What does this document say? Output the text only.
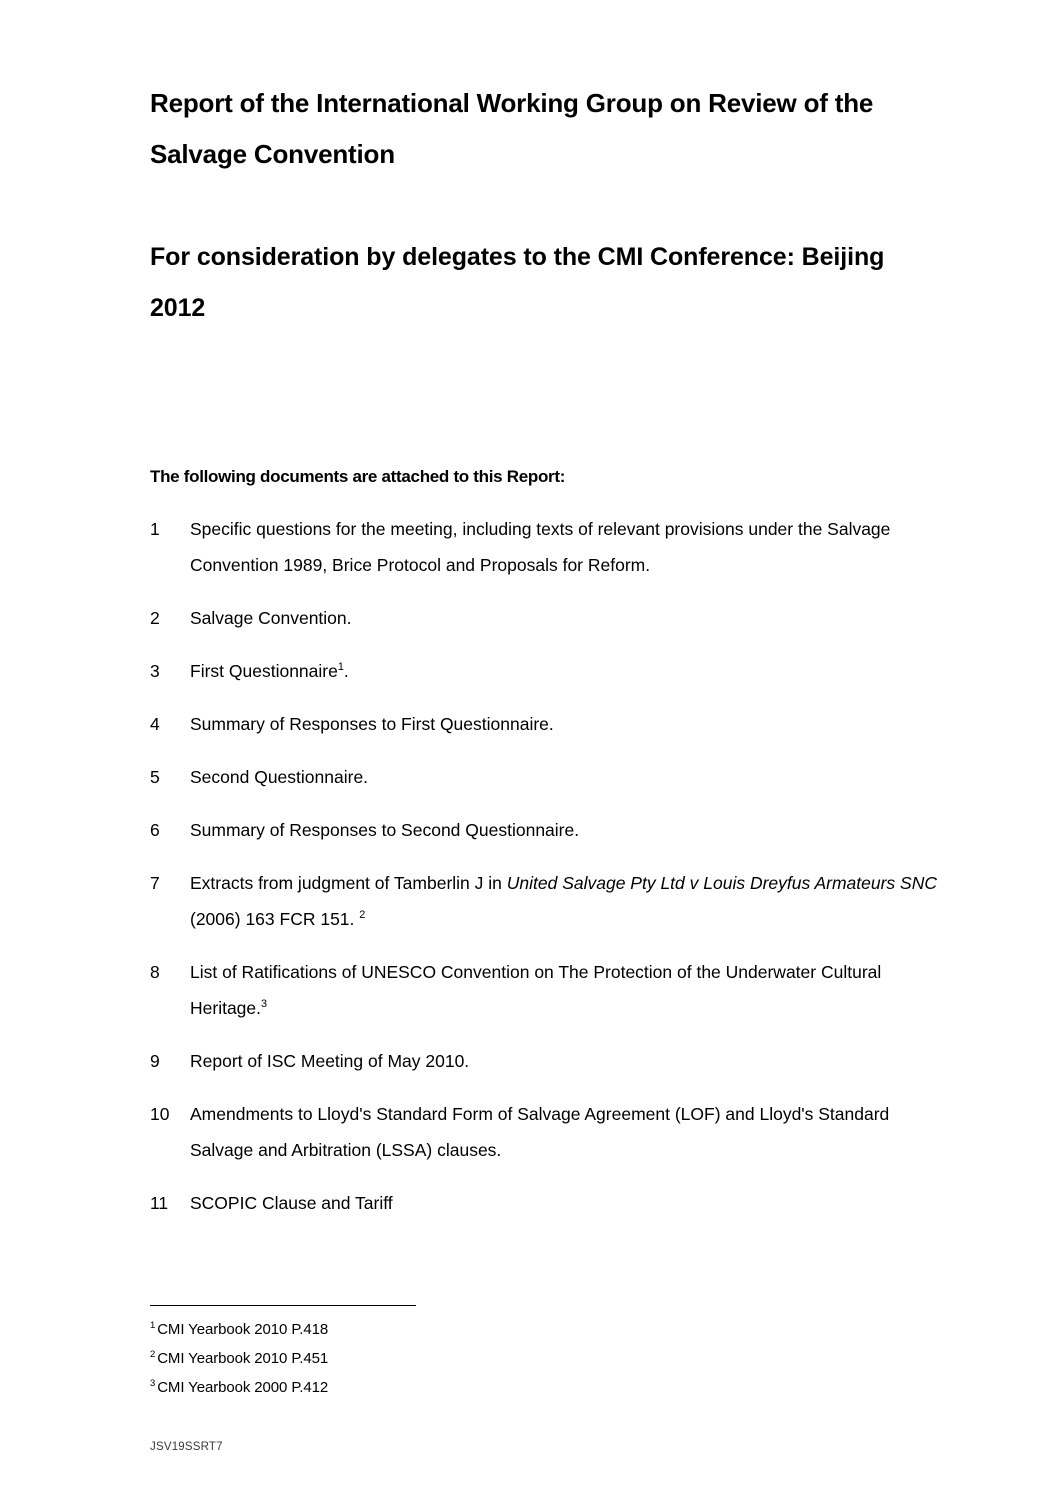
Report of the International Working Group on Review of the Salvage Convention
For consideration by delegates to the CMI Conference: Beijing 2012

The following documents are attached to this Report:

1	Specific questions for the meeting, including texts of relevant provisions under the Salvage Convention 1989, Brice Protocol and Proposals for Reform.
2	Salvage Convention.
3	First Questionnaire$^1$.
4	Summary of Responses to First Questionnaire.
5	Second Questionnaire.
6	Summary of Responses to Second Questionnaire.
7	Extracts from judgment of Tamberlin J in United Salvage Pty Ltd v Louis Dreyfus Armateurs SNC (2006) 163 FCR 151. $^2$
8	List of Ratifications of UNESCO Convention on The Protection of the Underwater Cultural Heritage.$^3$
9	Report of ISC Meeting of May 2010.
10	Amendments to Lloyd's Standard Form of Salvage Agreement (LOF) and Lloyd's Standard Salvage and Arbitration (LSSA) clauses.
11	SCOPIC Clause and Tariff

$^1$ CMI Yearbook 2010 P.418

$^2$ CMI Yearbook 2010 P.451

$^3$ CMI Yearbook 2000 P.412

JSV19SSRT7
